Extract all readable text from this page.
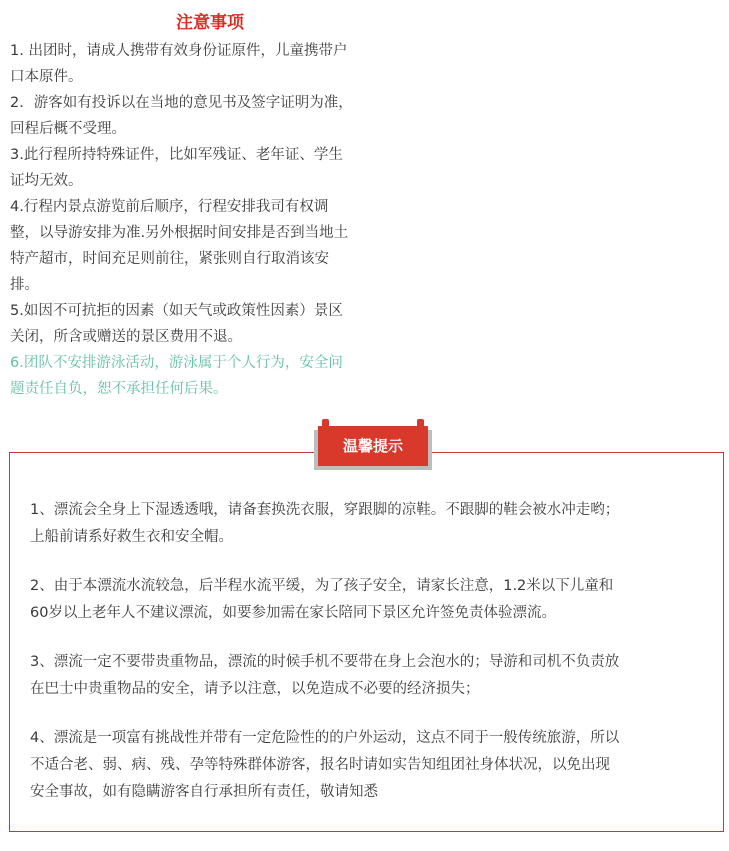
注意事项
1. 出团时，请成人携带有效身份证原件，儿童携带户
口本原件。
2．游客如有投诉以在当地的意见书及签字证明为准，
回程后概不受理。
3.此行程所持特殊证件，比如军残证、老年证、学生
证均无效。
4.行程内景点游览前后顺序，行程安排我司有权调
整，以导游安排为准.另外根据时间安排是否到当地土
特产超市，时间充足则前往，紧张则自行取消该安
排。
5.如因不可抗拒的因素（如天气或政策性因素）景区
关闭，所含或赠送的景区费用不退。
6.团队不安排游泳活动，游泳属于个人行为，安全问
题责任自负，恕不承担任何后果。
1、漂流会全身上下湿透透哦，请备套换洗衣服，穿跟脚的凉鞋。不跟脚的鞋会被水冲走哟；
上船前请系好救生衣和安全帽。
2、由于本漂流水流较急，后半程水流平缓，为了孩子安全，请家长注意，1.2米以下儿童和
60岁以上老年人不建议漂流，如要参加需在家长陪同下景区允许签免责体验漂流。
3、漂流一定不要带贵重物品，漂流的时候手机不要带在身上会泡水的；导游和司机不负责放
在巴士中贵重物品的安全，请予以注意，以免造成不必要的经济损失；
4、漂流是一项富有挑战性并带有一定危险性的的户外运动，这点不同于一般传统旅游，所以
不适合老、弱、病、残、孕等特殊群体游客，报名时请如实告知组团社身体状况，以免出现
安全事故，如有隐瞒游客自行承担所有责任，敬请知悉
温馨提示
